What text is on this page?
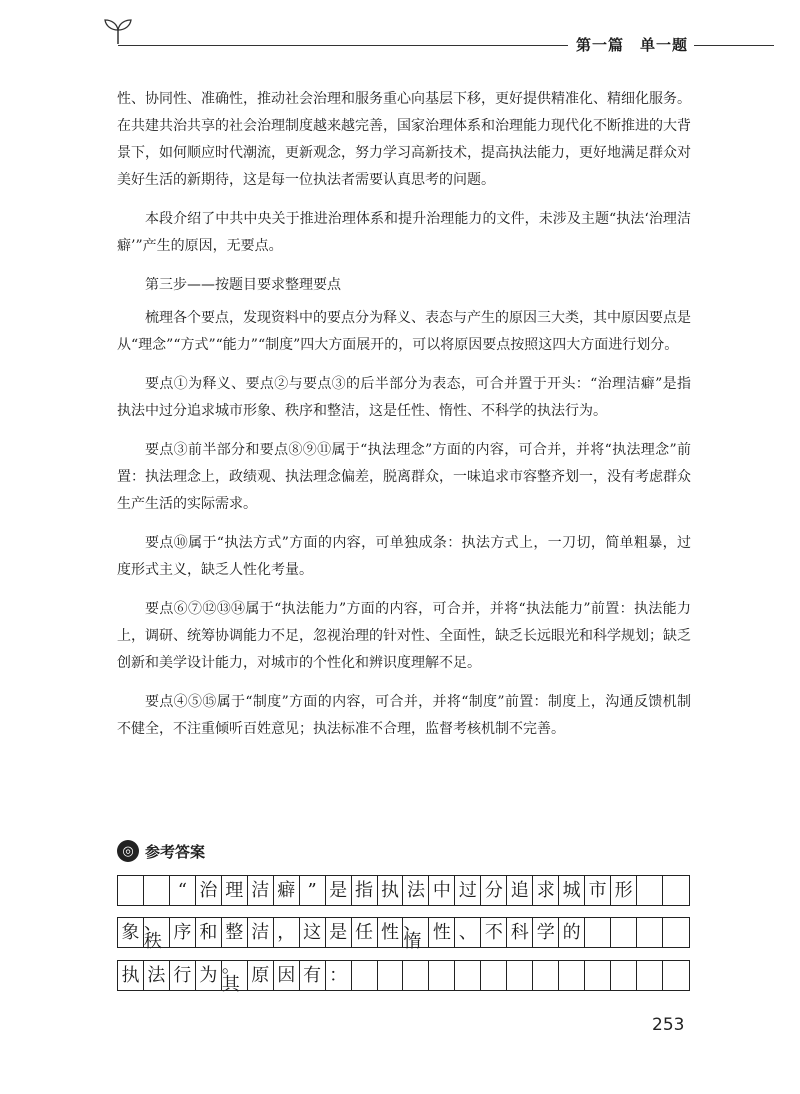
第一篇　单一题

性、协同性、准确性，推动社会治理和服务重心向基层下移，更好提供精准化、精细化服务。在共建共治共享的社会治理制度越来越完善，国家治理体系和治理能力现代化不断推进的大背景下，如何顺应时代潮流，更新观念，努力学习高新技术，提高执法能力，更好地满足群众对美好生活的新期待，这是每一位执法者需要认真思考的问题。

本段介绍了中共中央关于推进治理体系和提升治理能力的文件，未涉及主题“执法‘治理洁癖’”产生的原因，无要点。

第三步——按题目要求整理要点

梳理各个要点，发现资料中的要点分为释义、表态与产生的原因三大类，其中原因要点是从“理念”“方式”“能力”“制度”四大方面展开的，可以将原因要点按照这四大方面进行划分。

要点①为释义、要点②与要点③的后半部分为表态，可合并置于开头：“治理洁癖”是指执法中过分追求城市形象、秩序和整洁，这是任性、惰性、不科学的执法行为。

要点③前半部分和要点⑧⑨⑪属于“执法理念”方面的内容，可合并，并将“执法理念”前置：执法理念上，政绩观、执法理念偏差，脱离群众，一味追求市容整齐划一，没有考虑群众生产生活的实际需求。

要点⑩属于“执法方式”方面的内容，可单独成条：执法方式上，一刀切，简单粗暴，过度形式主义，缺乏人性化考量。

要点⑥⑦⑫⑬⑭属于“执法能力”方面的内容，可合并，并将“执法能力”前置：执法能力上，调研、统筹协调能力不足，忽视治理的针对性、全面性，缺乏长远眼光和科学规划；缺乏创新和美学设计能力，对城市的个性化和辨识度理解不足。

要点④⑤⑮属于“制度”方面的内容，可合并，并将“制度”前置：制度上，沟通反馈机制不健全，不注重倾听百姓意见；执法标准不合理，监督考核机制不完善。

◎ 参考答案
“ 治 理 洁 癖 ” 是 指 执 法 中 过 分 追 求 城 市 形
象 、秩 序 和 整 洁 ， 这 是 任 性 、惰 性 、 不 科 学 的
执 法 行 为 。其 原 因 有 ：
253
